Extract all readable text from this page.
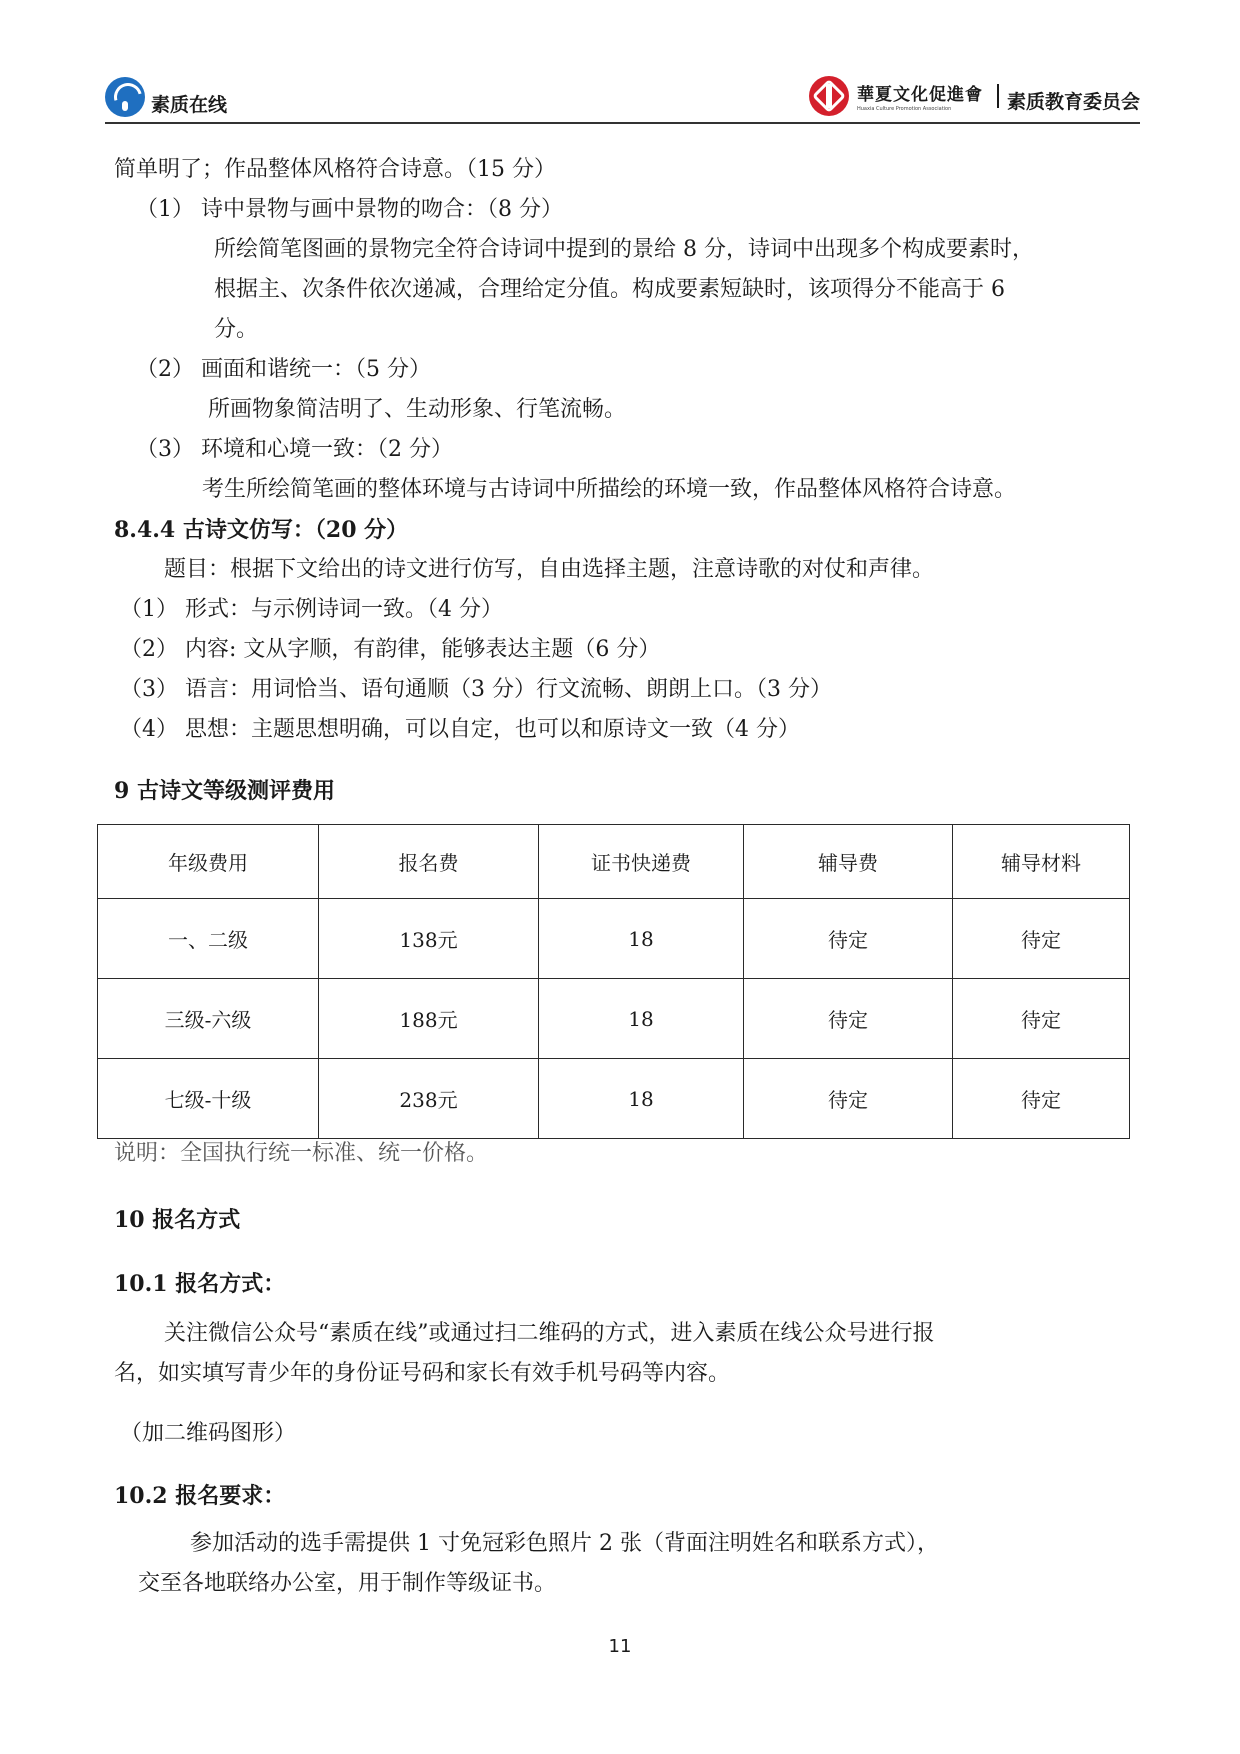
素质在线	華夏文化促進會
Huaxia Culture Promotion Association	素质教育委员会
简单明了；作品整体风格符合诗意。（15 分）
（1） 诗中景物与画中景物的吻合：（8 分）
所绘简笔图画的景物完全符合诗词中提到的景给 8 分，诗词中出现多个构成要素时，
根据主、次条件依次递减，合理给定分值。构成要素短缺时，该项得分不能高于 6
分。
（2） 画面和谐统一：（5 分）
所画物象简洁明了、生动形象、行笔流畅。
（3） 环境和心境一致：（2 分）
考生所绘简笔画的整体环境与古诗词中所描绘的环境一致，作品整体风格符合诗意。
8.4.4 古诗文仿写：（20 分）
题目：根据下文给出的诗文进行仿写，自由选择主题，注意诗歌的对仗和声律。
（1） 形式：与示例诗词一致。（4 分）
（2） 内容: 文从字顺，有韵律，能够表达主题（6 分）
（3） 语言：用词恰当、语句通顺（3 分）行文流畅、朗朗上口。（3 分）
（4） 思想：主题思想明确，可以自定，也可以和原诗文一致（4 分）
9 古诗文等级测评费用
年级费用	报名费	证书快递费	辅导费	辅导材料
一、二级	138元	18	待定	待定
三级-六级	188元	18	待定	待定
七级-十级	238元	18	待定	待定
说明：全国执行统一标准、统一价格。
10 报名方式
10.1 报名方式：
关注微信公众号“素质在线”或通过扫二维码的方式，进入素质在线公众号进行报
名，如实填写青少年的身份证号码和家长有效手机号码等内容。
（加二维码图形）
10.2 报名要求：
参加活动的选手需提供 1 寸免冠彩色照片 2 张（背面注明姓名和联系方式），
交至各地联络办公室，用于制作等级证书。
11
